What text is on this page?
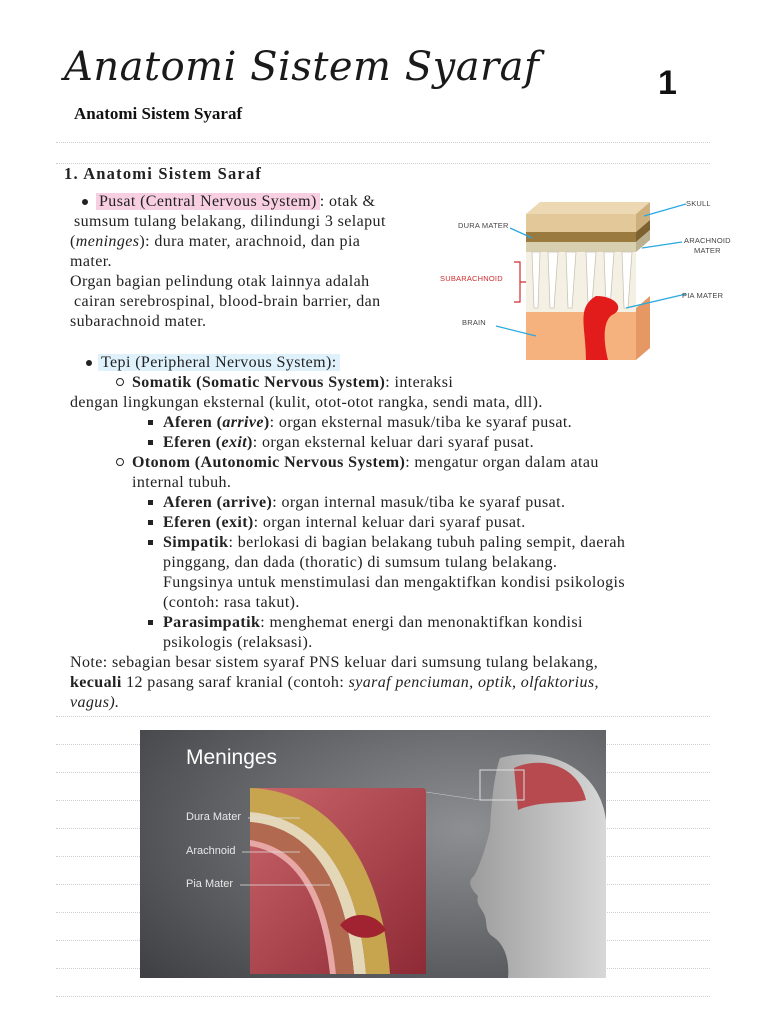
Anatomi Sistem Syaraf	1
Anatomi Sistem Syaraf
1. Anatomi Sistem Saraf
Pusat (Central Nervous System) : otak &
sumsum tulang belakang, dilindungi 3 selaput
(meninges): dura mater, arachnoid, dan pia
mater.
Organ bagian pelindung otak lainnya adalah
cairan serebrospinal, blood-brain barrier, dan
subarachnoid mater.
SKULL
DURA MATER
ARACHNOID
MATER
SUBARACHNOID
PIA MATER
BRAIN
Tepi (Peripheral Nervous System):
Somatik (Somatic Nervous System): interaksi
dengan lingkungan eksternal (kulit, otot-otot rangka, sendi mata, dll).
Aferen (arrive): organ eksternal masuk/tiba ke syaraf pusat.
Eferen (exit): organ eksternal keluar dari syaraf pusat.
Otonom (Autonomic Nervous System): mengatur organ dalam atau
internal tubuh.
Aferen (arrive): organ internal masuk/tiba ke syaraf pusat.
Eferen (exit): organ internal keluar dari syaraf pusat.
Simpatik: berlokasi di bagian belakang tubuh paling sempit, daerah
pinggang, dan dada (thoratic) di sumsum tulang belakang.
Fungsinya untuk menstimulasi dan mengaktifkan kondisi psikologis
(contoh: rasa takut).
Parasimpatik: menghemat energi dan menonaktifkan kondisi
psikologis (relaksasi).
Note: sebagian besar sistem syaraf PNS keluar dari sumsung tulang belakang,
kecuali 12 pasang saraf kranial (contoh: syaraf penciuman, optik, olfaktorius,
vagus).
Meninges
Dura Mater
Arachnoid
Pia Mater
